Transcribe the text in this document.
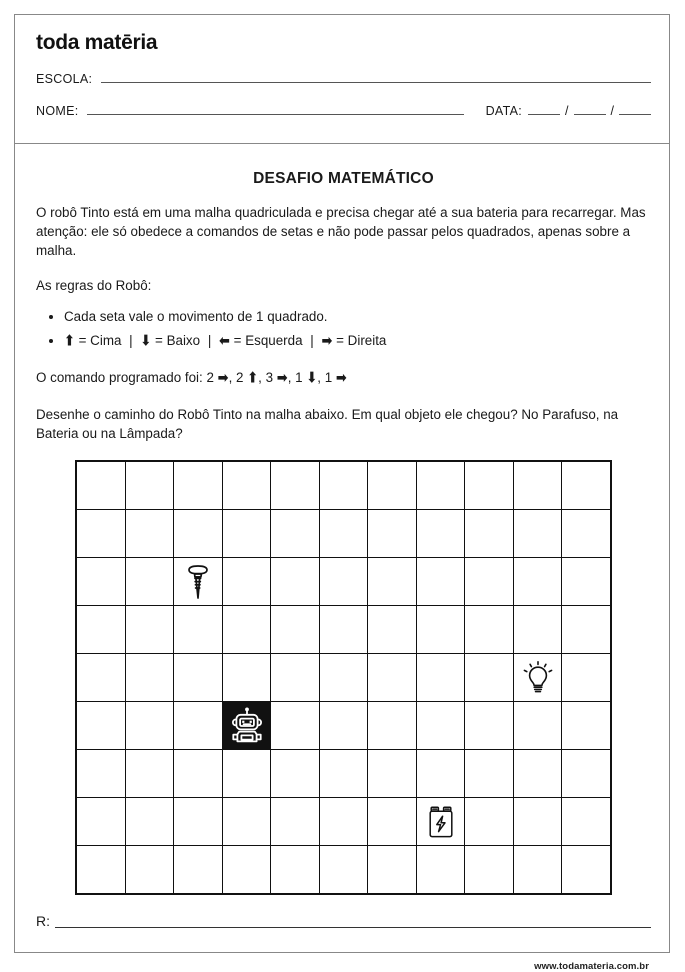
toda matēria
ESCOLA:
NOME:	DATA:	/	/
DESAFIO MATEMÁTICO

O robô Tinto está em uma malha quadriculada e precisa chegar até a sua bateria para recarregar. Mas atenção: ele só obedece a comandos de setas e não pode passar pelos quadrados, apenas sobre a malha.

As regras do Robô:

• Cada seta vale o movimento de 1 quadrado.
• ⬆ = Cima | ⬇ = Baixo | ⬅ = Esquerda | ➡ = Direita

O comando programado foi: 2 ➡, 2 ⬆, 3 ➡, 1 ⬇, 1 ➡

Desenhe o caminho do Robô Tinto na malha abaixo. Em qual objeto ele chegou? No Parafuso, na Bateria ou na Lâmpada?

R:
www.todamateria.com.br
